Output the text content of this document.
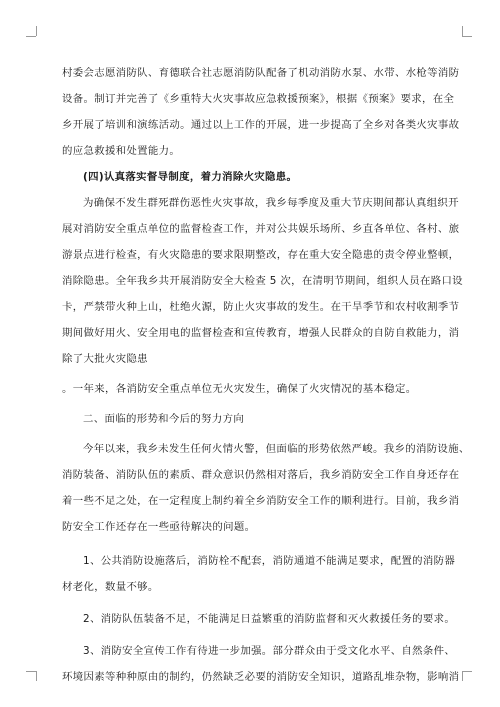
村委会志愿消防队、育德联合社志愿消防队配备了机动消防水泵、水带、水枪等消防
设备。制订并完善了《乡重特大火灾事故应急救援预案》，根据《预案》要求，在全
乡开展了培训和演练活动。通过以上工作的开展，进一步提高了全乡对各类火灾事故
的应急救援和处置能力。
(四)认真落实督导制度，着力消除火灾隐患。
为确保不发生群死群伤恶性火灾事故，我乡每季度及重大节庆期间都认真组织开
展对消防安全重点单位的监督检查工作，并对公共娱乐场所、乡直各单位、各村、旅
游景点进行检查，有火灾隐患的要求限期整改，存在重大安全隐患的责令停业整顿，
消除隐患。全年我乡共开展消防安全大检查 5 次，在清明节期间，组织人员在路口设
卡，严禁带火种上山，杜绝火源，防止火灾事故的发生。在干旱季节和农村收割季节
期间做好用火、安全用电的监督检查和宣传教育，增强人民群众的自防自救能力，消
除了大批火灾隐患
。一年来，各消防安全重点单位无火灾发生，确保了火灾情况的基本稳定。
二、面临的形势和今后的努力方向
今年以来，我乡未发生任何火情火警，但面临的形势依然严峻。我乡的消防设施、
消防装备、消防队伍的素质、群众意识仍然相对落后，我乡消防安全工作自身还存在
着一些不足之处，在一定程度上制约着全乡消防安全工作的顺利进行。目前，我乡消
防安全工作还存在一些亟待解决的问题。
1、公共消防设施落后，消防栓不配套，消防通道不能满足要求，配置的消防器
材老化，数量不够。
2、消防队伍装备不足，不能满足日益繁重的消防监督和灭火救援任务的要求。
3、消防安全宣传工作有待进一步加强。部分群众由于受文化水平、自然条件、
环境因素等种种原由的制约，仍然缺乏必要的消防安全知识，道路乱堆杂物，影响消
